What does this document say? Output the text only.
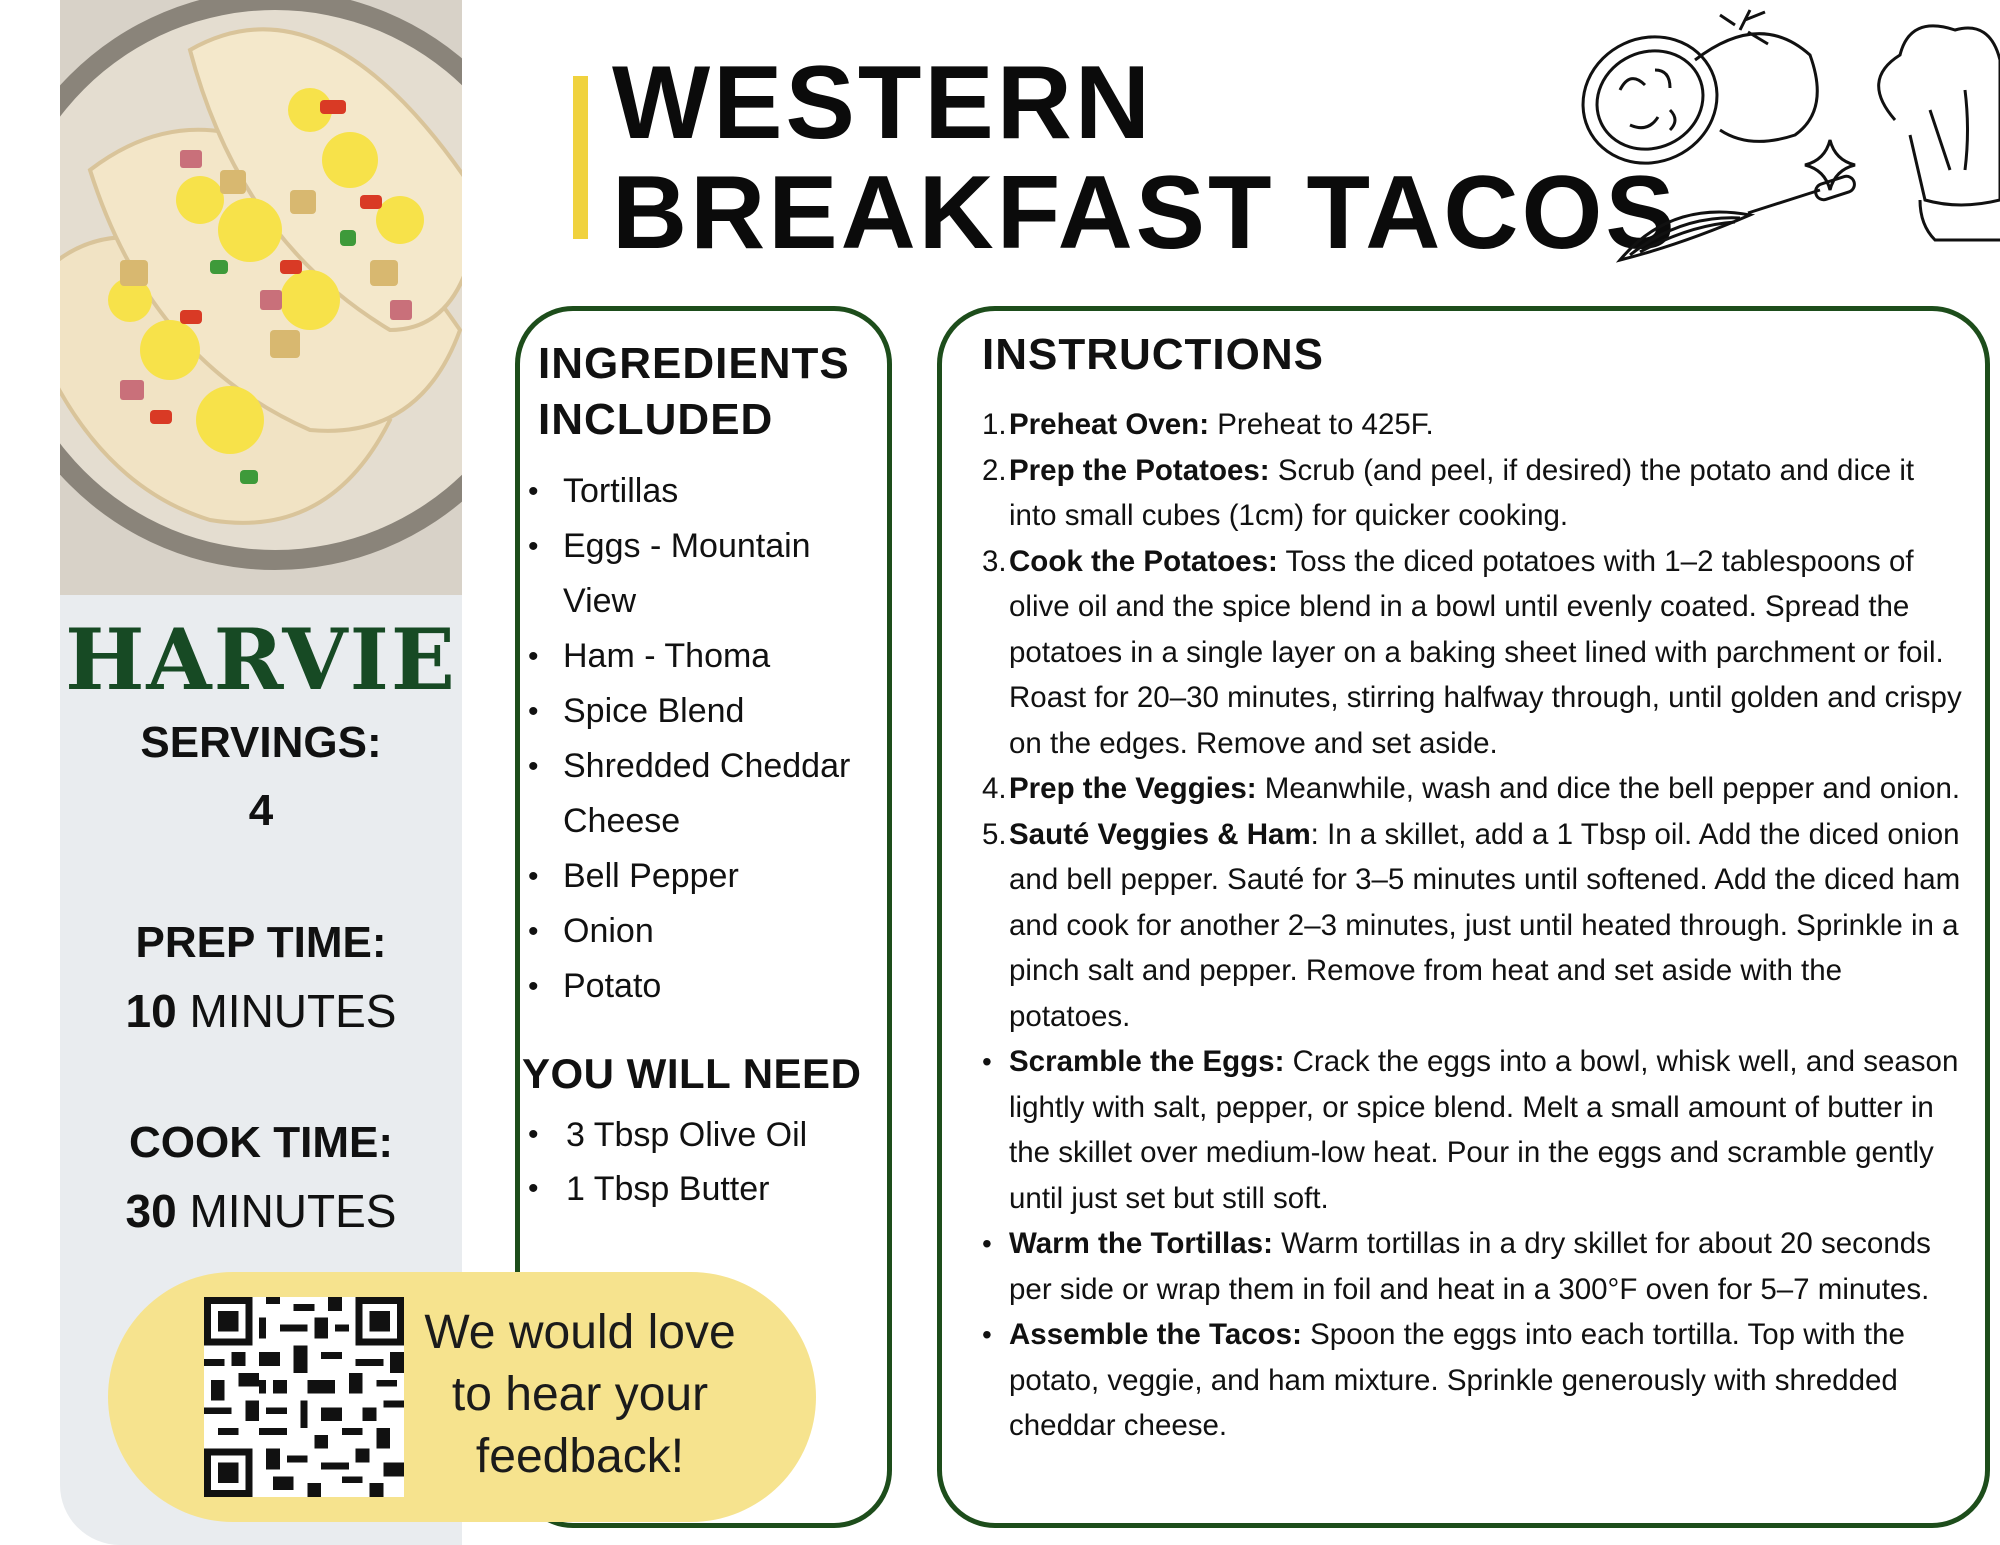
HARVIE
SERVINGS:
4
PREP TIME:
10 MINUTES
COOK TIME:
30 MINUTES
WESTERN
BREAKFAST TACOS
INGREDIENTS
INCLUDED
• Tortillas
• Eggs - Mountain View
• Ham - Thoma
• Spice Blend
• Shredded Cheddar Cheese
• Bell Pepper
• Onion
• Potato
YOU WILL NEED
• 3 Tbsp Olive Oil
• 1 Tbsp Butter
INSTRUCTIONS
1. Preheat Oven: Preheat to 425F.
2. Prep the Potatoes: Scrub (and peel, if desired) the potato and dice it into small cubes (1cm) for quicker cooking.
3. Cook the Potatoes: Toss the diced potatoes with 1–2 tablespoons of olive oil and the spice blend in a bowl until evenly coated. Spread the potatoes in a single layer on a baking sheet lined with parchment or foil. Roast for 20–30 minutes, stirring halfway through, until golden and crispy on the edges. Remove and set aside.
4. Prep the Veggies: Meanwhile, wash and dice the bell pepper and onion.
5. Sauté Veggies & Ham: In a skillet, add a 1 Tbsp oil. Add the diced onion and bell pepper. Sauté for 3–5 minutes until softened. Add the diced ham and cook for another 2–3 minutes, just until heated through. Sprinkle in a pinch salt and pepper. Remove from heat and set aside with the potatoes.
• Scramble the Eggs: Crack the eggs into a bowl, whisk well, and season lightly with salt, pepper, or spice blend. Melt a small amount of butter in the skillet over medium-low heat. Pour in the eggs and scramble gently until just set but still soft.
• Warm the Tortillas: Warm tortillas in a dry skillet for about 20 seconds per side or wrap them in foil and heat in a 300°F oven for 5–7 minutes.
• Assemble the Tacos: Spoon the eggs into each tortilla. Top with the potato, veggie, and ham mixture. Sprinkle generously with shredded cheddar cheese.
We would love
to hear your
feedback!
